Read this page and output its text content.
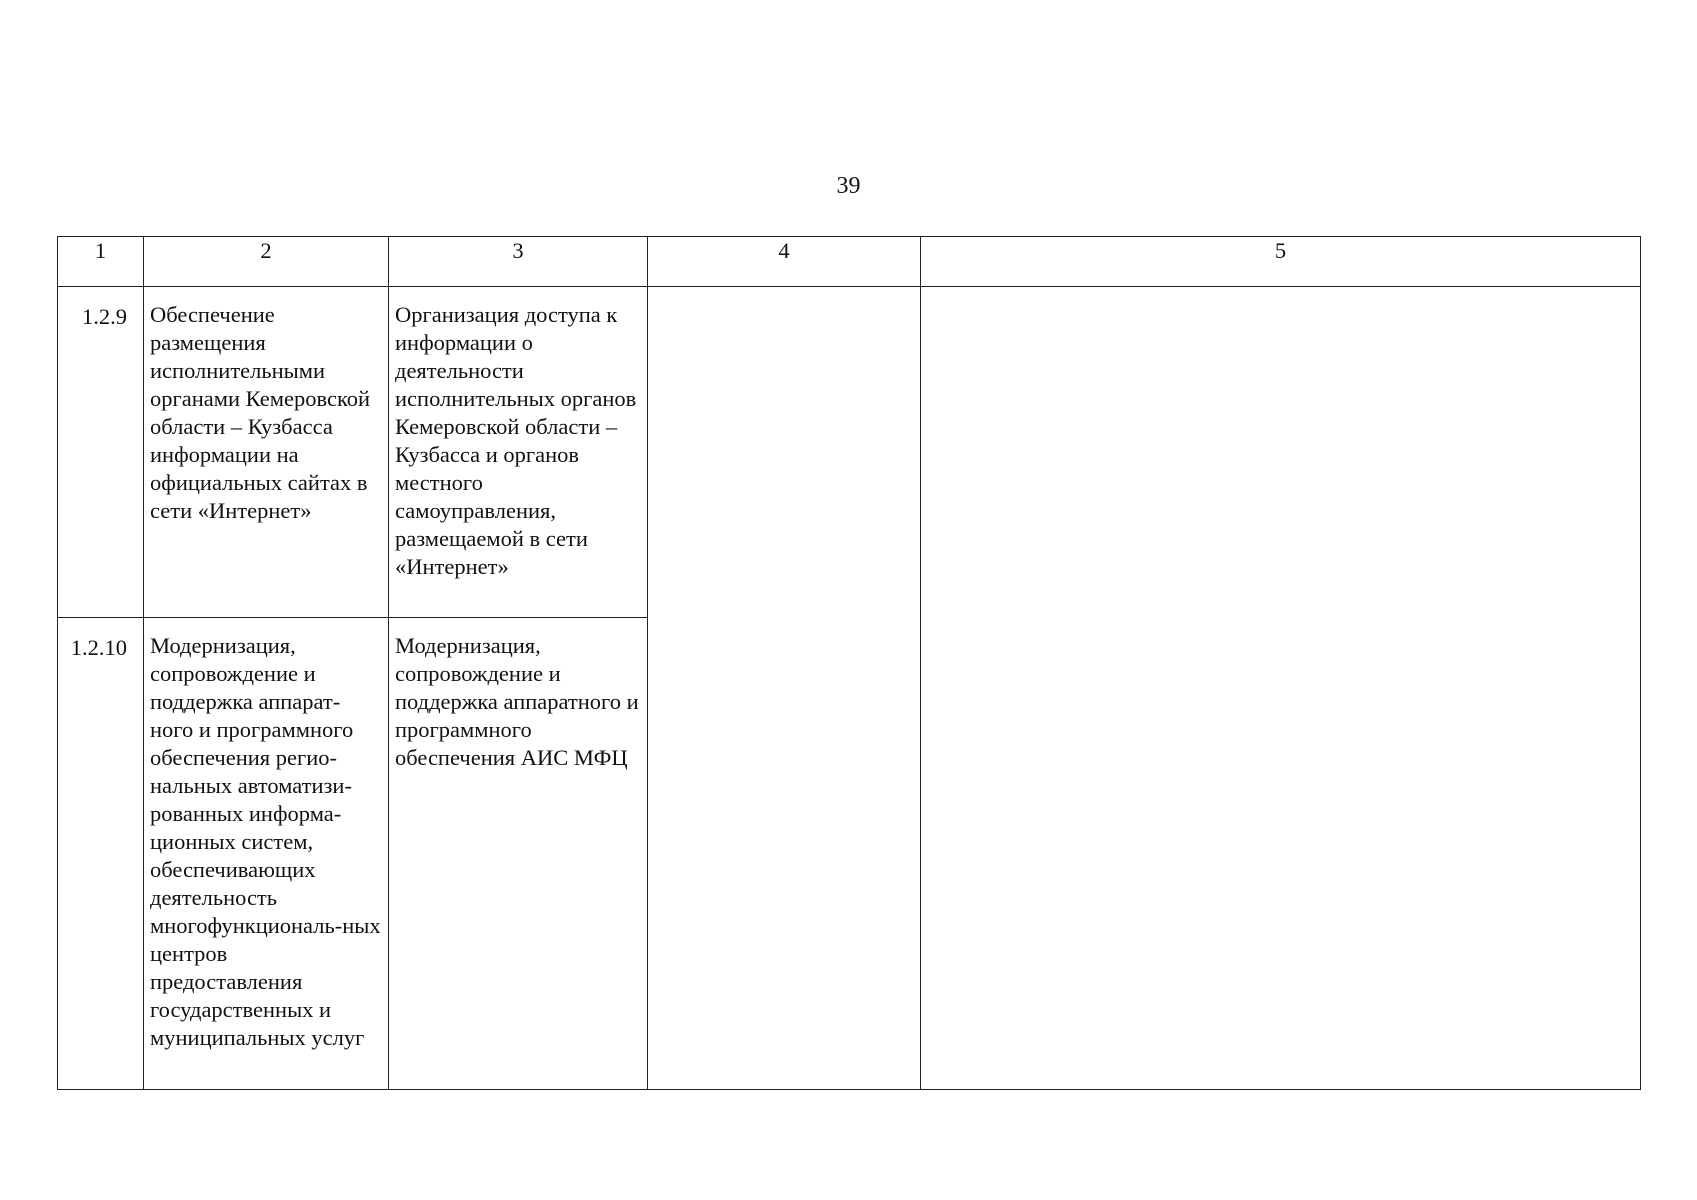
39
1	2	3	4	5
1.2.9	Обеспечение размещения исполнительными органами Кемеровской области – Кузбасса информации на официальных сайтах в сети «Интернет»	Организация доступа к информации о деятельности исполнительных органов Кемеровской области – Кузбасса и органов местного самоуправления, размещаемой в сети «Интернет»		
1.2.10	Модернизация, сопровождение и поддержка аппарат-ного и программного обеспечения регио-нальных автоматизи-рованных информа-ционных систем, обеспечивающих деятельность многофункциональ-ных центров предоставления государственных и муниципальных услуг	Модернизация, сопровождение и поддержка аппаратного и программного обеспечения АИС МФЦ		
